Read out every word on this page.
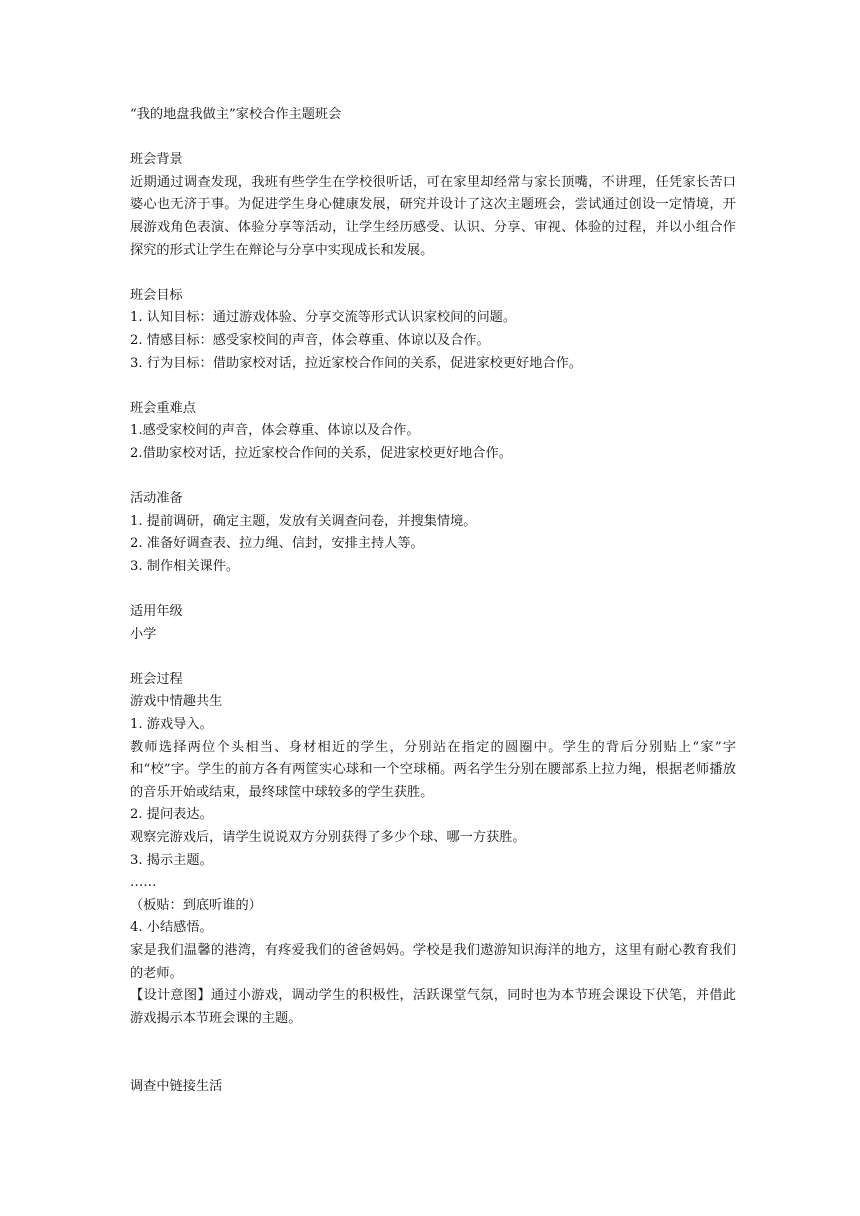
“我的地盘我做主”家校合作主题班会

班会背景

近期通过调查发现，我班有些学生在学校很听话，可在家里却经常与家长顶嘴，不讲理，任凭家长苦口婆心也无济于事。为促进学生身心健康发展，研究并设计了这次主题班会，尝试通过创设一定情境，开展游戏角色表演、体验分享等活动，让学生经历感受、认识、分享、审视、体验的过程，并以小组合作探究的形式让学生在辩论与分享中实现成长和发展。

班会目标

1. 认知目标：通过游戏体验、分享交流等形式认识家校间的问题。

2. 情感目标：感受家校间的声音，体会尊重、体谅以及合作。

3. 行为目标：借助家校对话，拉近家校合作间的关系，促进家校更好地合作。

班会重难点

1.感受家校间的声音，体会尊重、体谅以及合作。

2.借助家校对话，拉近家校合作间的关系，促进家校更好地合作。

活动准备

1. 提前调研，确定主题，发放有关调查问卷，并搜集情境。

2. 准备好调查表、拉力绳、信封，安排主持人等。

3. 制作相关课件。

适用年级

小学

班会过程

游戏中情趣共生

1. 游戏导入。

教师选择两位个头相当、身材相近的学生，分别站在指定的圆圈中。学生的背后分别贴上“家”字和“校”字。学生的前方各有两筐实心球和一个空球桶。两名学生分别在腰部系上拉力绳，根据老师播放的音乐开始或结束，最终球筐中球较多的学生获胜。

2. 提问表达。

观察完游戏后，请学生说说双方分别获得了多少个球、哪一方获胜。

3. 揭示主题。

……

（板贴：到底听谁的）

4. 小结感悟。

家是我们温馨的港湾，有疼爱我们的爸爸妈妈。学校是我们遨游知识海洋的地方，这里有耐心教育我们的老师。

【设计意图】通过小游戏，调动学生的积极性，活跃课堂气氛，同时也为本节班会课设下伏笔，并借此游戏揭示本节班会课的主题。

调查中链接生活
